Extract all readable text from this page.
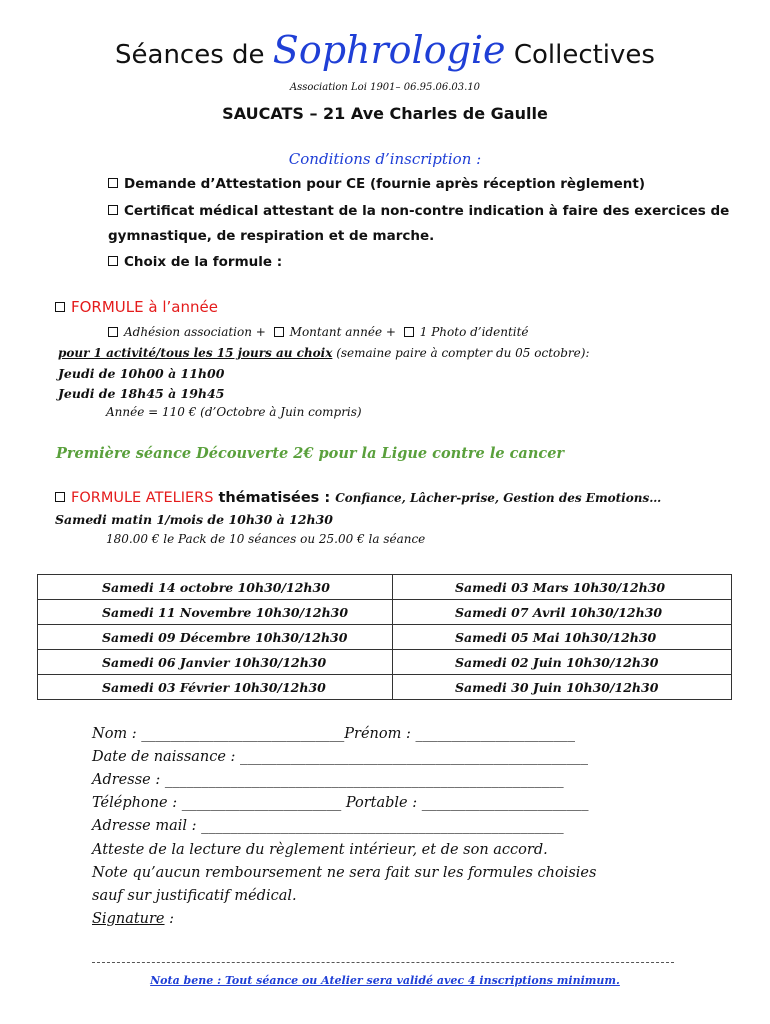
Séances de Sophrologie Collectives
Association Loi 1901– 06.95.06.03.10
SAUCATS – 21 Ave Charles de Gaulle
Conditions d’inscription :
Demande d’Attestation pour CE (fournie après réception règlement)
Certificat médical attestant de la non-contre indication à faire des exercices de
gymnastique, de respiration et de marche.
Choix de la formule :
FORMULE à l’année
Adhésion association + Montant année + 1 Photo d’identité
pour 1 activité/tous les 15 jours au choix (semaine paire à compter du 05 octobre):
Jeudi de 10h00 à 11h00
Jeudi de 18h45 à 19h45
Année = 110 € (d’Octobre à Juin compris)
Première séance Découverte 2€ pour la Ligue contre le cancer
FORMULE ATELIERS thématisées : Confiance, Lâcher-prise, Gestion des Emotions…
Samedi matin 1/mois de 10h30 à 12h30
180.00 € le Pack de 10 séances ou 25.00 € la séance
Samedi 14 octobre 10h30/12h30	Samedi 03 Mars 10h30/12h30
Samedi 11 Novembre 10h30/12h30	Samedi 07 Avril 10h30/12h30
Samedi 09 Décembre 10h30/12h30	Samedi 05 Mai 10h30/12h30
Samedi 06 Janvier 10h30/12h30	Samedi 02 Juin 10h30/12h30
Samedi 03 Février 10h30/12h30	Samedi 30 Juin 10h30/12h30
Nom : ____________________________Prénom : ______________________
Date de naissance : ________________________________________________
Adresse : _______________________________________________________
Téléphone : ______________________ Portable : _______________________
Adresse mail : __________________________________________________
Atteste de la lecture du règlement intérieur, et de son accord.
Note qu’aucun remboursement ne sera fait sur les formules choisies
sauf sur justificatif médical.
Signature :
Nota bene : Tout séance ou Atelier sera validé avec 4 inscriptions minimum.
